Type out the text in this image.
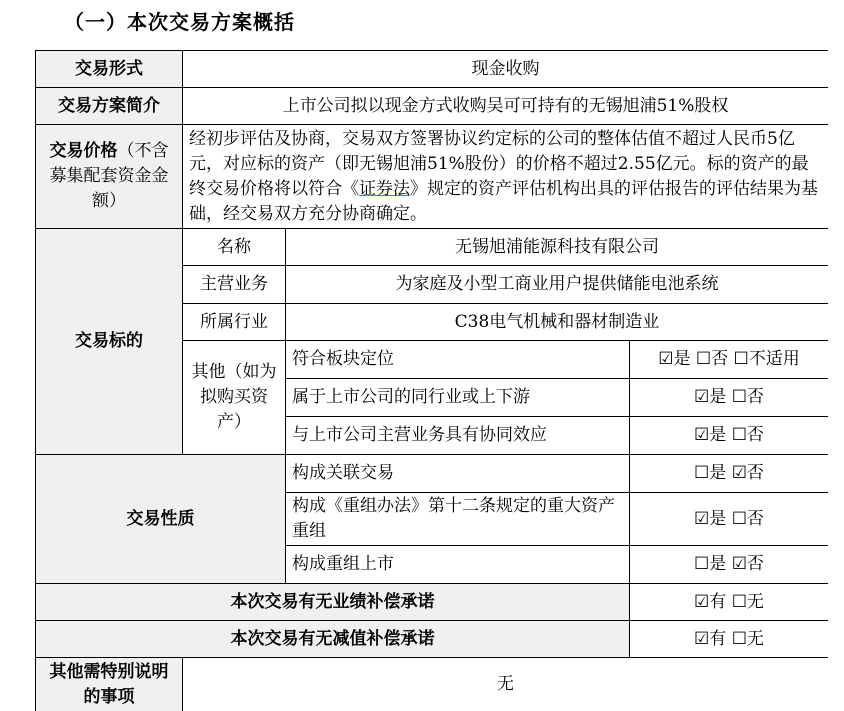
（一）本次交易方案概括
交易形式	现金收购		
交易方案简介	上市公司拟以现金方式收购吴可可持有的无锡旭浦51%股权		
交易价格（不含募集配套资金金额）	经初步评估及协商，交易双方签署协议约定标的公司的整体估值不超过人民币5亿元，对应标的资产（即无锡旭浦51%股份）的价格不超过2.55亿元。标的资产的最终交易价格将以符合《证券法》规定的资产评估机构出具的评估报告的评估结果为基础，经交易双方充分协商确定。		
交易标的	名称	无锡旭浦能源科技有限公司	
	主营业务	为家庭及小型工商业用户提供储能电池系统	
	所属行业	C38电气机械和器材制造业	
	其他（如为拟购买资产）	符合板块定位	☑是 ☐否 ☐不适用
		属于上市公司的同行业或上下游	☑是 ☐否
		与上市公司主营业务具有协同效应	☑是 ☐否
交易性质		构成关联交易	☐是 ☑否
		构成《重组办法》第十二条规定的重大资产重组	☑是 ☐否
		构成重组上市	☐是 ☑否
本次交易有无业绩补偿承诺			☑有 ☐无
本次交易有无减值补偿承诺			☑有 ☐无
其他需特别说明的事项	无		
